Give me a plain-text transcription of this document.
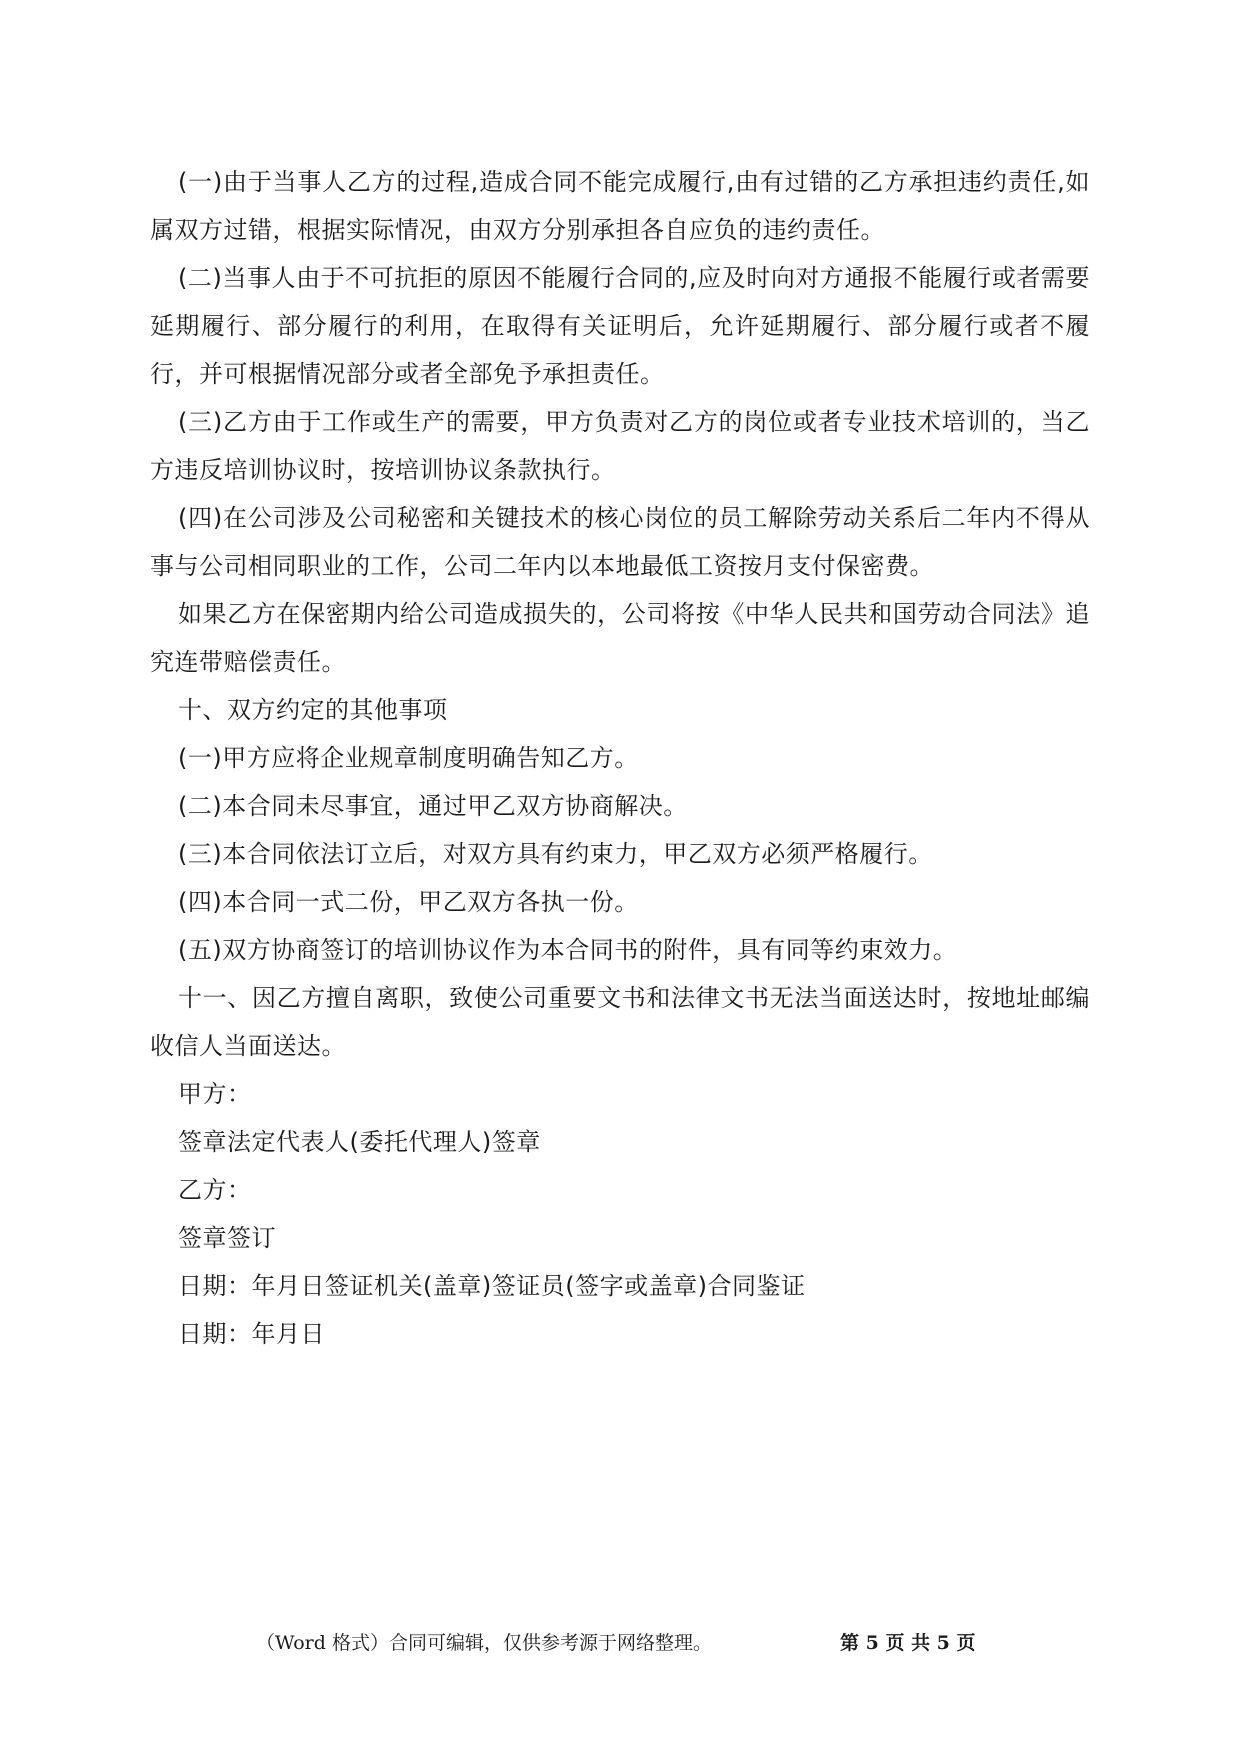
(一)由于当事人乙方的过程,造成合同不能完成履行,由有过错的乙方承担违约责任,如属双方过错，根据实际情况，由双方分别承担各自应负的违约责任。

(二)当事人由于不可抗拒的原因不能履行合同的,应及时向对方通报不能履行或者需要延期履行、部分履行的利用，在取得有关证明后，允许延期履行、部分履行或者不履行，并可根据情况部分或者全部免予承担责任。

(三)乙方由于工作或生产的需要，甲方负责对乙方的岗位或者专业技术培训的，当乙方违反培训协议时，按培训协议条款执行。

(四)在公司涉及公司秘密和关键技术的核心岗位的员工解除劳动关系后二年内不得从事与公司相同职业的工作，公司二年内以本地最低工资按月支付保密费。

如果乙方在保密期内给公司造成损失的，公司将按《中华人民共和国劳动合同法》追究连带赔偿责任。

十、双方约定的其他事项

(一)甲方应将企业规章制度明确告知乙方。

(二)本合同未尽事宜，通过甲乙双方协商解决。

(三)本合同依法订立后，对双方具有约束力，甲乙双方必须严格履行。

(四)本合同一式二份，甲乙双方各执一份。

(五)双方协商签订的培训协议作为本合同书的附件，具有同等约束效力。

十一、因乙方擅自离职，致使公司重要文书和法律文书无法当面送达时，按地址邮编收信人当面送达。

甲方：

签章法定代表人(委托代理人)签章

乙方：

签章签订

日期：年月日签证机关(盖章)签证员(签字或盖章)合同鉴证

日期：年月日

（Word 格式）合同可编辑，仅供参考源于网络整理。	第 5 页 共 5 页
